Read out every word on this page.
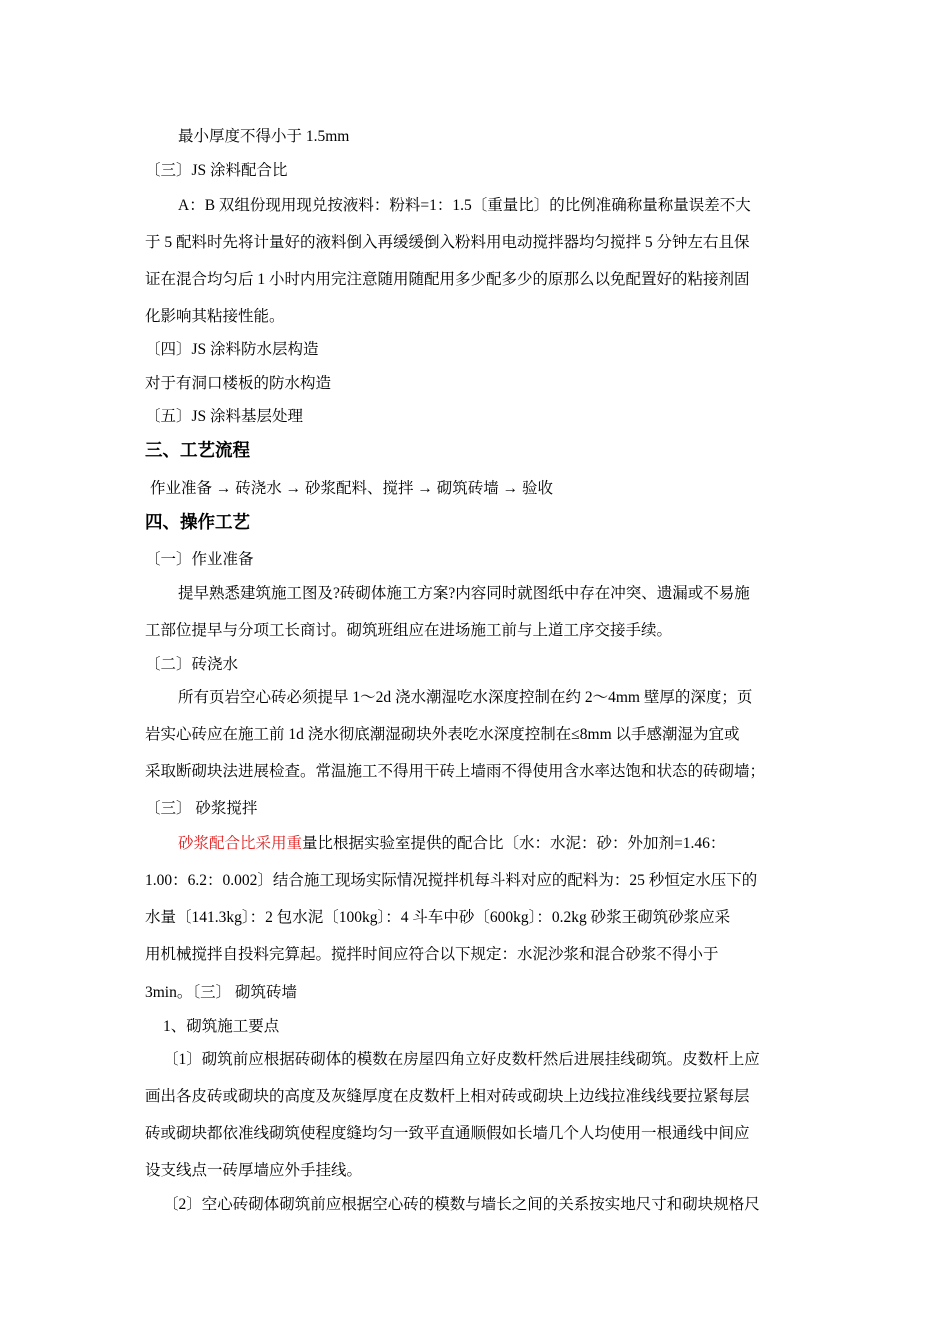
最小厚度不得小于 1.5mm
〔三〕JS 涂料配合比
A：B 双组份现用现兑按液料：粉料=1：1.5〔重量比〕的比例准确称量称量误差不大
于 5 配料时先将计量好的液料倒入再缓缓倒入粉料用电动搅拌器均匀搅拌 5 分钟左右且保
证在混合均匀后 1 小时内用完注意随用随配用多少配多少的原那么以免配置好的粘接剂固
化影响其粘接性能。
〔四〕JS 涂料防水层构造
对于有洞口楼板的防水构造
〔五〕JS 涂料基层处理
三、工艺流程
作业准备 → 砖浇水 → 砂浆配料、搅拌 → 砌筑砖墙 → 验收
四、操作工艺
〔一〕作业准备
提早熟悉建筑施工图及?砖砌体施工方案?内容同时就图纸中存在冲突、遗漏或不易施
工部位提早与分项工长商讨。砌筑班组应在进场施工前与上道工序交接手续。
〔二〕砖浇水
所有页岩空心砖必须提早 1～2d 浇水潮湿吃水深度控制在约 2～4mm 壁厚的深度；页
岩实心砖应在施工前 1d 浇水彻底潮湿砌块外表吃水深度控制在≤8mm 以手感潮湿为宜或
采取断砌块法进展检查。常温施工不得用干砖上墙雨不得使用含水率达饱和状态的砖砌墙；
〔三〕 砂浆搅拌
砂浆配合比采用重量比根据实验室提供的配合比〔水：水泥：砂：外加剂=1.46：
1.00：6.2：0.002〕结合施工现场实际情况搅拌机每斗料对应的配料为：25 秒恒定水压下的
水量〔141.3kg〕：2 包水泥〔100kg〕：4 斗车中砂〔600kg〕：0.2kg 砂浆王砌筑砂浆应采
用机械搅拌自投料完算起。搅拌时间应符合以下规定：水泥沙浆和混合砂浆不得小于
3min。〔三〕 砌筑砖墙
1、砌筑施工要点
〔1〕砌筑前应根据砖砌体的模数在房屋四角立好皮数杆然后进展挂线砌筑。皮数杆上应
画出各皮砖或砌块的高度及灰缝厚度在皮数杆上相对砖或砌块上边线拉准线线要拉紧每层
砖或砌块都依准线砌筑使程度缝均匀一致平直通顺假如长墙几个人均使用一根通线中间应
设支线点一砖厚墙应外手挂线。
〔2〕空心砖砌体砌筑前应根据空心砖的模数与墙长之间的关系按实地尺寸和砌块规格尺
